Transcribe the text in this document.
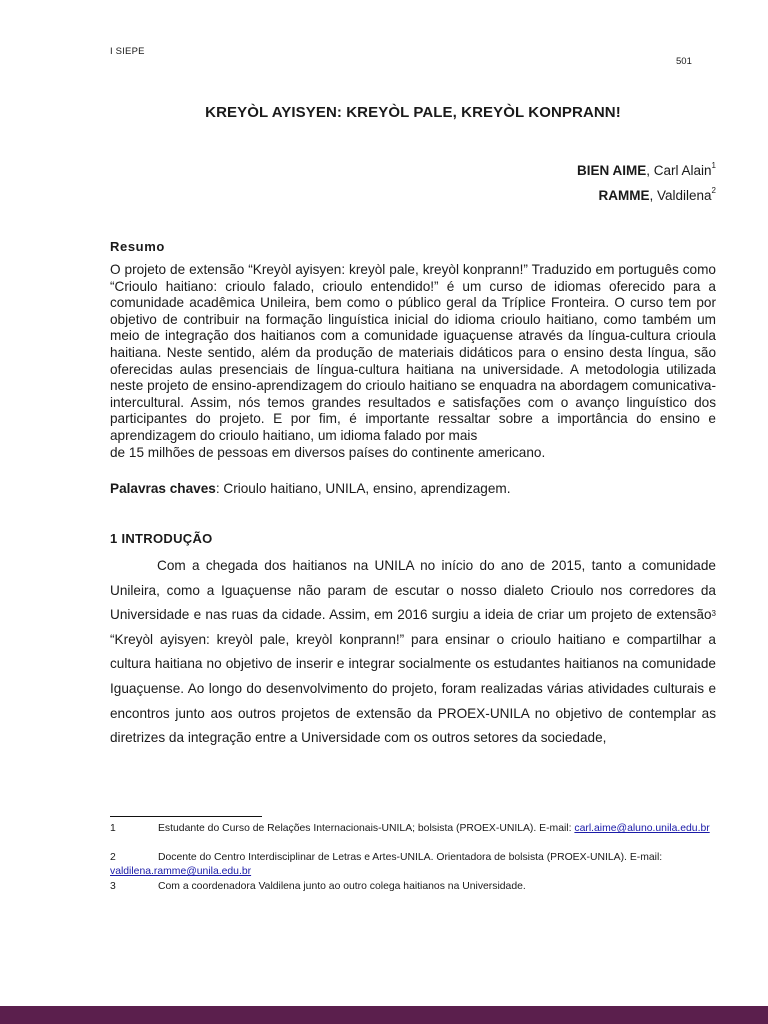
I SIEPE
501
KREYÒL AYISYEN: KREYÒL PALE, KREYÒL KONPRANN!
BIEN AIME, Carl Alain$^1$
RAMME, Valdilena$^2$
Resumo
O projeto de extensão “Kreyòl ayisyen: kreyòl pale, kreyòl konprann!” Traduzido em português como “Crioulo haitiano: crioulo falado, crioulo entendido!” é um curso de idiomas oferecido para a comunidade acadêmica Unileira, bem como o público geral da Tríplice Fronteira. O curso tem por objetivo de contribuir na formação linguística inicial do idioma crioulo haitiano, como também um meio de integração dos haitianos com a comunidade iguaçuense através da língua-cultura crioula haitiana. Neste sentido, além da produção de materiais didáticos para o ensino desta língua, são oferecidas aulas presenciais de língua-cultura haitiana na universidade. A metodologia utilizada neste projeto de ensino-aprendizagem do crioulo haitiano se enquadra na abordagem comunicativa-intercultural. Assim, nós temos grandes resultados e satisfações com o avanço linguístico dos participantes do projeto. E por fim, é importante ressaltar sobre a importância do ensino e aprendizagem do crioulo haitiano, um idioma falado por mais
de 15 milhões de pessoas em diversos países do continente americano.
Palavras chaves: Crioulo haitiano, UNILA, ensino, aprendizagem.
1 INTRODUÇÃO

Com a chegada dos haitianos na UNILA no início do ano de 2015, tanto a comunidade Unileira, como a Iguaçuense não param de escutar o nosso dialeto Crioulo nos corredores da Universidade e nas ruas da cidade. Assim, em 2016 surgiu a ideia de criar um projeto de extensão$^3$ “Kreyòl ayisyen: kreyòl pale, kreyòl konprann!” para ensinar o crioulo haitiano e compartilhar a cultura haitiana no objetivo de inserir e integrar socialmente os estudantes haitianos na comunidade Iguaçuense. Ao longo do desenvolvimento do projeto, foram realizadas várias atividades culturais e encontros junto aos outros projetos de extensão da PROEX-UNILA no objetivo de contemplar as diretrizes da integração entre a Universidade com os outros setores da sociedade,

1	Estudante do Curso de Relações Internacionais-UNILA; bolsista (PROEX-UNILA). E-mail: carl.aime@aluno.unila.edu.br
2	Docente do Centro Interdisciplinar de Letras e Artes-UNILA. Orientadora de bolsista (PROEX-UNILA). E-mail: valdilena.ramme@unila.edu.br
3	Com a coordenadora Valdilena junto ao outro colega haitianos na Universidade.
